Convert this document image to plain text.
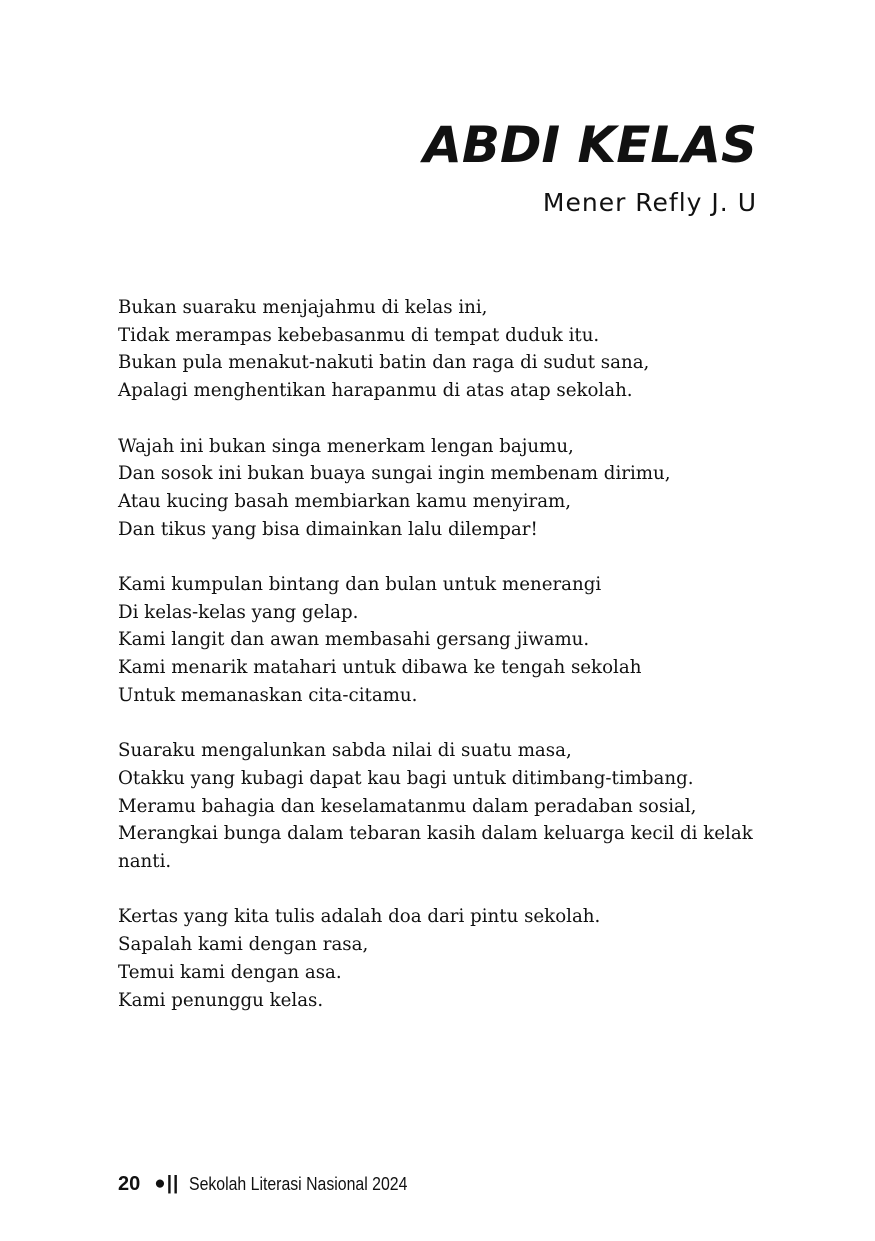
ABDI KELAS
Mener Refly J. U

Bukan suaraku menjajahmu di kelas ini,
Tidak merampas kebebasanmu di tempat duduk itu.
Bukan pula menakut-nakuti batin dan raga di sudut sana,
Apalagi menghentikan harapanmu di atas atap sekolah.

Wajah ini bukan singa menerkam lengan bajumu,
Dan sosok ini bukan buaya sungai ingin membenam dirimu,
Atau kucing basah membiarkan kamu menyiram,
Dan tikus yang bisa dimainkan lalu dilempar!

Kami kumpulan bintang dan bulan untuk menerangi
Di kelas-kelas yang gelap.
Kami langit dan awan membasahi gersang jiwamu.
Kami menarik matahari untuk dibawa ke tengah sekolah
Untuk memanaskan cita-citamu.

Suaraku mengalunkan sabda nilai di suatu masa,
Otakku yang kubagi dapat kau bagi untuk ditimbang-timbang.
Meramu bahagia dan keselamatanmu dalam peradaban sosial,
Merangkai bunga dalam tebaran kasih dalam keluarga kecil di kelak nanti.

Kertas yang kita tulis adalah doa dari pintu sekolah.
Sapalah kami dengan rasa,
Temui kami dengan asa.
Kami penunggu kelas.

20 ●|| Sekolah Literasi Nasional 2024
